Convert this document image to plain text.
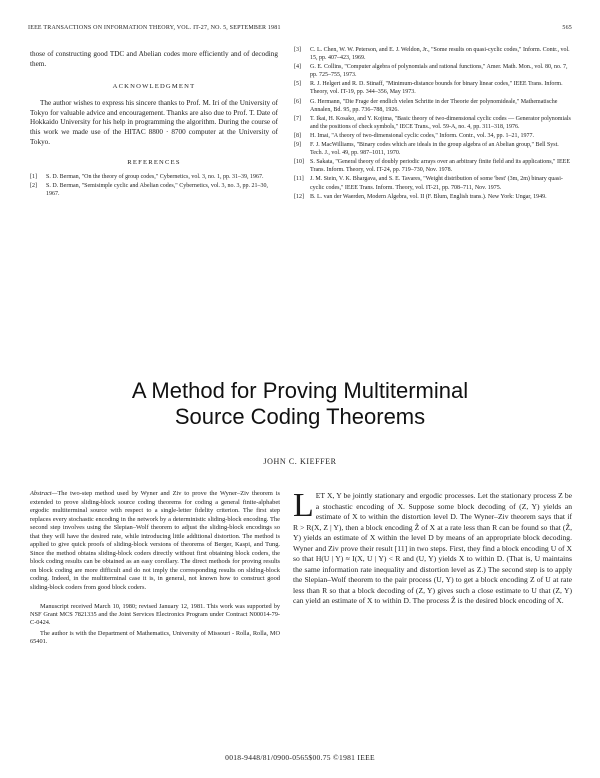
IEEE TRANSACTIONS ON INFORMATION THEORY, VOL. IT-27, NO. 5, SEPTEMBER 1981	565
those of constructing good TDC and Abelian codes more efficiently and of decoding them.
ACKNOWLEDGMENT
The author wishes to express his sincere thanks to Prof. M. Iri of the University of Tokyo for valuable advice and encouragement. Thanks are also due to Prof. T. Date of Hokkaido University for his help in programming the algorithm. During the course of this work we made use of the HITAC 8800 · 8700 computer at the University of Tokyo.
REFERENCES
[1]	S. D. Berman, "On the theory of group codes," Cybernetics, vol. 3, no. 1, pp. 31–39, 1967.
[2]	S. D. Berman, "Semisimple cyclic and Abelian codes," Cybernetics, vol. 3, no. 3, pp. 21–30, 1967.
[3]	C. L. Chen, W. W. Peterson, and E. J. Weldon, Jr., "Some results on quasi-cyclic codes," Inform. Contr., vol. 15, pp. 407–423, 1969.
[4]	G. E. Collins, "Computer algebra of polynomials and rational functions," Amer. Math. Mon., vol. 80, no. 7, pp. 725–755, 1973.
[5]	R. J. Helgert and R. D. Stinaff, "Minimum-distance bounds for binary linear codes," IEEE Trans. Inform. Theory, vol. IT-19, pp. 344–356, May 1973.
[6]	G. Hermann, "Die Frage der endlich vielen Schritte in der Theorie der polynomideale," Mathematische Annalen, Bd. 95, pp. 736–788, 1926.
[7]	T. Ikai, H. Kosako, and Y. Kojima, "Basic theory of two-dimensional cyclic codes — Generator polynomials and the positions of check symbols," IECE Trans., vol. 59-A, no. 4, pp. 311–318, 1976.
[8]	H. Imai, "A theory of two-dimensional cyclic codes," Inform. Contr., vol. 34, pp. 1–21, 1977.
[9]	F. J. MacWilliams, "Binary codes which are ideals in the group algebra of an Abelian group," Bell Syst. Tech. J., vol. 49, pp. 987–1011, 1970.
[10]	S. Sakata, "General theory of doubly periodic arrays over an arbitrary finite field and its applications," IEEE Trans. Inform. Theory, vol. IT-24, pp. 719–730, Nov. 1978.
[11]	J. M. Stein, V. K. Bhargava, and S. E. Tavares, "Weight distribution of some 'best' (3m, 2m) binary quasi-cyclic codes," IEEE Trans. Inform. Theory, vol. IT-21, pp. 708–711, Nov. 1975.
[12]	B. L. van der Waerden, Modern Algebra, vol. II (F. Blum, English trans.). New York: Ungar, 1949.
A Method for Proving Multiterminal
Source Coding Theorems
JOHN C. KIEFFER
Abstract—The two-step method used by Wyner and Ziv to prove the Wyner–Ziv theorem is extended to prove sliding-block source coding theorems for coding a general finite-alphabet ergodic multiterminal source with respect to a single-letter fidelity criterion. The first step replaces every stochastic encoding in the network by a deterministic sliding-block encoding. The second step involves using the Slepian–Wolf theorem to adjust the sliding-block encodings so that they will have the desired rate, while introducing little additional distortion. The method is applied to give quick proofs of sliding-block versions of theorems of Berger, Kaspi, and Tung. Since the method obtains sliding-block coders directly without first obtaining block coders, the block coding results can be obtained as an easy corollary. The direct methods for proving results on block coding are more difficult and do not imply the corresponding results on sliding-block coding. Indeed, in the multiterminal case it is, in general, not known how to construct good sliding-block coders from good block coders.
Manuscript received March 10, 1980; revised January 12, 1981. This work was supported by NSF Grant MCS 7821335 and the Joint Services Electronics Program under Contract N00014-79-C-0424.
The author is with the Department of Mathematics, University of Missouri - Rolla, Rolla, MO 65401.
LET X, Y be jointly stationary and ergodic processes. Let the stationary process Z be a stochastic encoding of X. Suppose some block decoding of (Z, Y) yields an estimate of X to within the distortion level D. The Wyner–Ziv theorem says that if R > R(X, Z | Y), then a block encoding Ẑ of X at a rate less than R can be found so that (Ẑ, Y) yields an estimate of X within the level D by means of an appropriate block decoding. Wyner and Ziv prove their result [11] in two steps. First, they find a block encoding U of X so that H(U | Y) ≈ I(X, U | Y) < R and (U, Y) yields X to within D. (That is, U maintains the same information rate inequality and distortion level as Z.) The second step is to apply the Slepian–Wolf theorem to the pair process (U, Y) to get a block encoding Z of U at rate less than R so that a block decoding of (Z, Y) gives such a close estimate to U that (Z, Y) can yield an estimate of X to within D. The process Ẑ is the desired block encoding of X.
0018-9448/81/0900-0565$00.75 ©1981 IEEE
